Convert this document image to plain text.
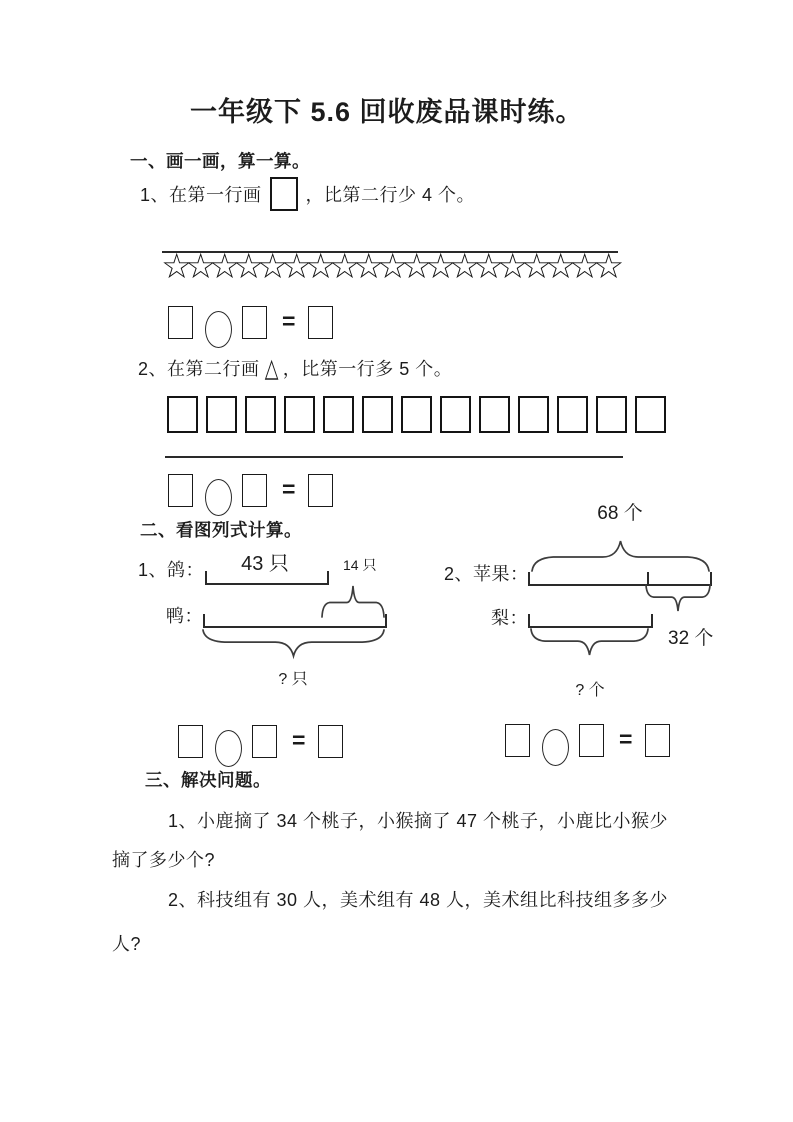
一年级下 5.6 回收废品课时练。
一、画一画，算一算。
1、在第一行画 ，比第二行少 4 个。
☆
☆
☆
☆
☆
☆
☆
☆
☆
☆
☆
☆
☆
☆
☆
☆
☆
☆
☆
=
2、在第二行画 △ ，比第一行多 5 个。
=
二、看图列式计算。
1、 鸽：	43 只	14 只
鸭：
? 只
68 个
2、 苹果：
32 个
梨：
? 个
=	=
三、解决问题。
1、小鹿摘了 34 个桃子，小猴摘了 47 个桃子，小鹿比小猴少
摘了多少个?
2、科技组有 30 人，美术组有 48 人，美术组比科技组多多少
人?
